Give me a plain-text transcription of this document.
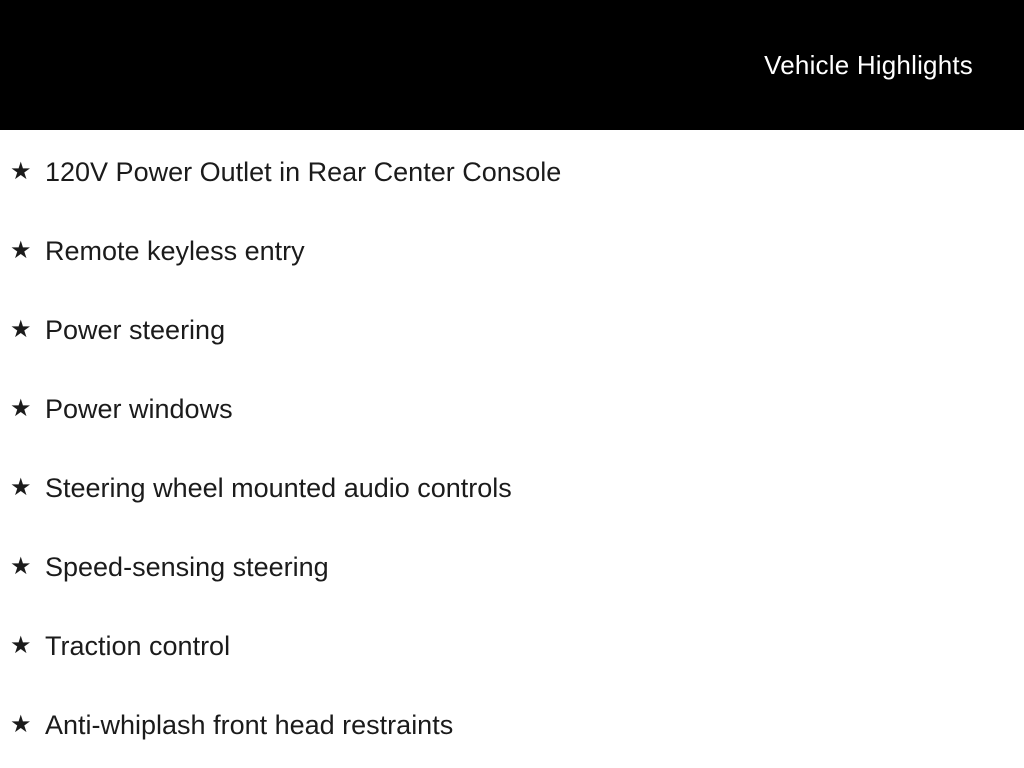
Vehicle Highlights
★ 120V Power Outlet in Rear Center Console
★ Remote keyless entry
★ Power steering
★ Power windows
★ Steering wheel mounted audio controls
★ Speed-sensing steering
★ Traction control
★ Anti-whiplash front head restraints
